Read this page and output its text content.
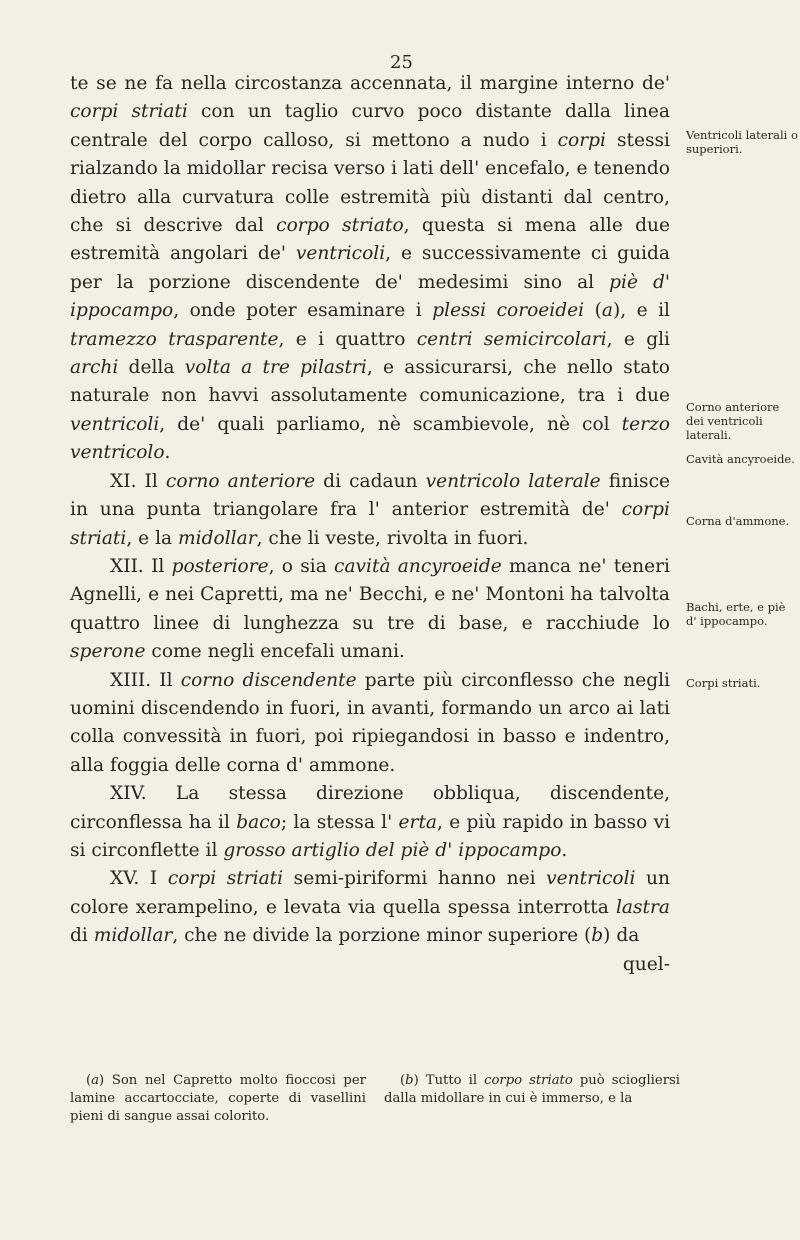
25

te se ne fa nella circostanza accennata, il margine interno de' corpi striati con un taglio curvo poco distante dalla linea centrale del corpo calloso, si mettono a nudo i corpi stessi rialzando la midollar recisa verso i lati dell' encefalo, e tenendo dietro alla curvatura colle estremità più distanti dal centro, che si descrive dal corpo striato, questa si mena alle due estremità angolari de' ventricoli, e successivamente ci guida per la porzione discendente de' medesimi sino al piè d' ippocampo, onde poter esaminare i plessi coroeidei (a), e il tramezzo trasparente, e i quattro centri semicircolari, e gli archi della volta a tre pilastri, e assicurarsi, che nello stato naturale non havvi assolutamente comunicazione, tra i due ventricoli, de' quali parliamo, nè scambievole, nè col terzo ventricolo.

XI. Il corno anteriore di cadaun ventricolo laterale finisce in una punta triangolare fra l' anterior estremità de' corpi striati, e la midollar, che li veste, rivolta in fuori.

XII. Il posteriore, o sia cavità ancyroeide manca ne' teneri Agnelli, e nei Capretti, ma ne' Becchi, e ne' Montoni ha talvolta quattro linee di lunghezza su tre di base, e racchiude lo sperone come negli encefali umani.

XIII. Il corno discendente parte più circonflesso che negli uomini discendendo in fuori, in avanti, formando un arco ai lati colla convessità in fuori, poi ripiegandosi in basso e indentro, alla foggia delle corna d' ammone.

XIV. La stessa direzione obbliqua, discendente, circonflessa ha il baco; la stessa l' erta, e più rapido in basso vi si circonflette il grosso artiglio del piè d' ippocampo.

XV. I corpi striati semi-piriformi hanno nei ventricoli un colore xerampelino, e levata via quella spessa interrotta lastra di midollar, che ne divide la porzione minor superiore (b) da

quel-

Ventricoli laterali o superiori.
Corno anteriore dei ventricoli laterali.
Cavità ancyroeide.
Corna d'ammone.
Bachi, erte, e piè d' ippocampo.
Corpi striati.
(a) Son nel Capretto molto fioccosi per lamine accartocciate, coperte di vasellini pieni di sangue assai colorito.
(b) Tutto il corpo striato può sciogliersi dalla midollare in cui è immerso, e la
